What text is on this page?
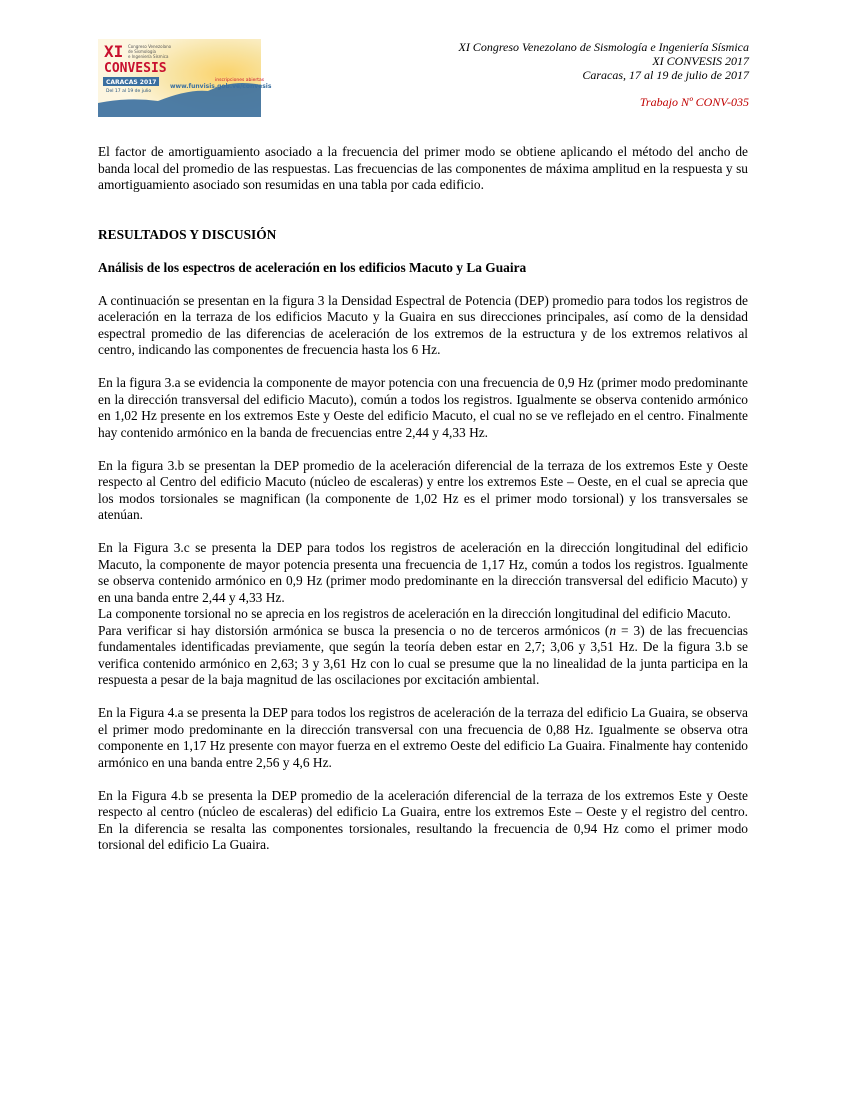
XI
CONVESIS
Congreso Venezolano
de Sismología
e Ingeniería Sísmica
CARACAS 2017
Del 17 al 19 de julio
inscripciones abiertas
www.funvisis.gob.ve/convesis
XI Congreso Venezolano de Sismología e Ingeniería Sísmica
XI CONVESIS 2017
Caracas, 17 al 19 de julio de 2017
Trabajo Nº CONV-035

El factor de amortiguamiento asociado a la frecuencia del primer modo se obtiene aplicando el método del ancho de banda local del promedio de las respuestas. Las frecuencias de las componentes de máxima amplitud en la respuesta y su amortiguamiento asociado son resumidas en una tabla por cada edificio.

RESULTADOS Y DISCUSIÓN

Análisis de los espectros de aceleración en los edificios Macuto y La Guaira

A continuación se presentan en la figura 3 la Densidad Espectral de Potencia (DEP) promedio para todos los registros de aceleración en la terraza de los edificios Macuto y la Guaira en sus direcciones principales, así como de la densidad espectral promedio de las diferencias de aceleración de los extremos de la estructura y de los extremos relativos al centro, indicando las componentes de frecuencia hasta los 6 Hz.

En la figura 3.a se evidencia la componente de mayor potencia con una frecuencia de 0,9 Hz (primer modo predominante en la dirección transversal del edificio Macuto), común a todos los registros. Igualmente se observa contenido armónico en 1,02 Hz presente en los extremos Este y Oeste del edificio Macuto, el cual no se ve reflejado en el centro. Finalmente hay contenido armónico en la banda de frecuencias entre 2,44 y 4,33 Hz.

En la figura 3.b se presentan la DEP promedio de la aceleración diferencial de la terraza de los extremos Este y Oeste respecto al Centro del edificio Macuto (núcleo de escaleras) y entre los extremos Este – Oeste, en el cual se aprecia que los modos torsionales se magnifican (la componente de 1,02 Hz es el primer modo torsional) y los transversales se atenúan.

En la Figura 3.c se presenta la DEP para todos los registros de aceleración en la dirección longitudinal del edificio Macuto, la componente de mayor potencia presenta una frecuencia de 1,17 Hz, común a todos los registros. Igualmente se observa contenido armónico en 0,9 Hz (primer modo predominante en la dirección transversal del edificio Macuto) y en una banda entre 2,44 y 4,33 Hz.

La componente torsional no se aprecia en los registros de aceleración en la dirección longitudinal del edificio Macuto.

Para verificar si hay distorsión armónica se busca la presencia o no de terceros armónicos (n = 3) de las frecuencias fundamentales identificadas previamente, que según la teoría deben estar en 2,7; 3,06 y 3,51 Hz. De la figura 3.b se verifica contenido armónico en 2,63; 3 y 3,61 Hz con lo cual se presume que la no linealidad de la junta participa en la respuesta a pesar de la baja magnitud de las oscilaciones por excitación ambiental.

En la Figura 4.a se presenta la DEP para todos los registros de aceleración de la terraza del edificio La Guaira, se observa el primer modo predominante en la dirección transversal con una frecuencia de 0,88 Hz. Igualmente se observa otra componente en 1,17 Hz presente con mayor fuerza en el extremo Oeste del edificio La Guaira. Finalmente hay contenido armónico en una banda entre 2,56 y 4,6 Hz.

En la Figura 4.b se presenta la DEP promedio de la aceleración diferencial de la terraza de los extremos Este y Oeste respecto al centro (núcleo de escaleras) del edificio La Guaira, entre los extremos Este – Oeste y el registro del centro. En la diferencia se resalta las componentes torsionales, resultando la frecuencia de 0,94 Hz como el primer modo torsional del edificio La Guaira.
